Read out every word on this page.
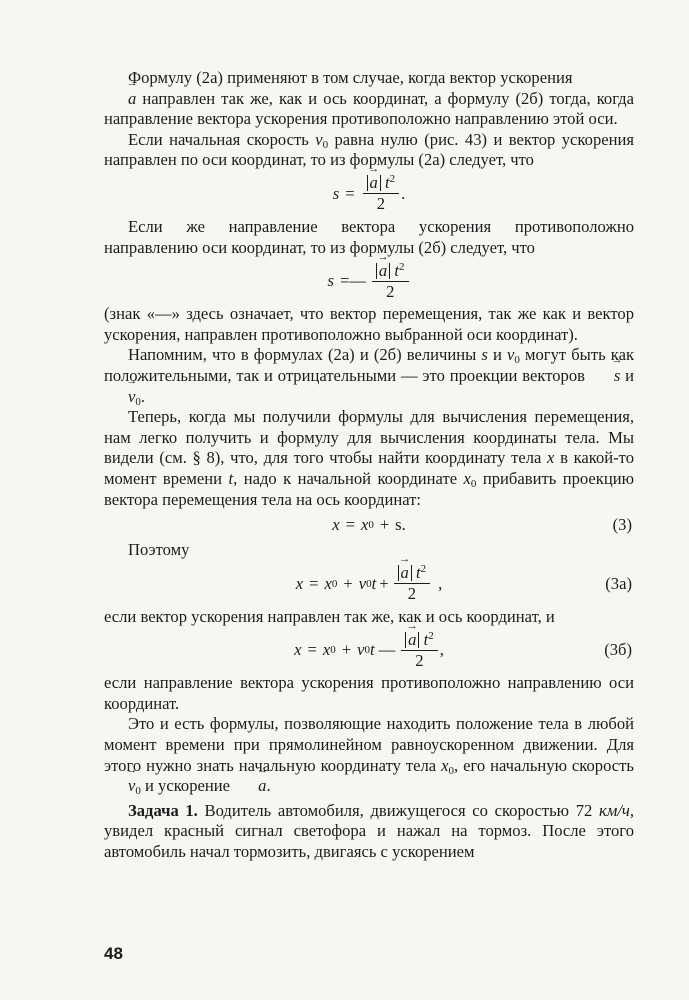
Формулу (2а) применяют в том случае, когда вектор ускорения
→ a направлен так же, как и ось координат, а формулу (2б) тогда, когда направление вектора ускорения противоположно направлению этой оси.

Если начальная скорость $v_0$ равна нулю (рис. 43) и вектор ускорения направлен по оси координат, то из формулы (2а) следует, что

s = → $\frac{a t^2}{2}$ .

Если же направление вектора ускорения противоположно направлению оси координат, то из формулы (2б) следует, что

s = — → $\frac{a t^2}{2}$

(знак «—» здесь означает, что вектор перемещения, так же как и вектор ускорения, направлен противоположно выбранной оси координат).

Напомним, что в формулах (2а) и (2б) величины s и $v_0$ могут быть как положительными, так и отрицательными — это проекции векторов → s $и \to v_0$.

Теперь, когда мы получили формулы для вычисления перемещения, нам легко получить и формулу для вычисления координаты тела. Мы видели (см. § 8), что, для того чтобы найти координату тела x в какой-то момент времени t, надо к начальной координате $x_0$ прибавить проекцию вектора перемещения тела на ось координат:

x = x 0 + s.	(3)

Поэтому

x = x 0 + v 0 t + → $\frac{a t^2}{2}$ ,	(3а)

если вектор ускорения направлен так же, как и ось координат, и

x = x 0 + v 0 t — → $\frac{a t^2}{2}$ ,	(3б)

если направление вектора ускорения противоположно направлению оси координат.

Это и есть формулы, позволяющие находить положение тела в любой момент времени при прямолинейном равноускоренном движении. Для этого нужно знать начальную координату тела $x_0$, его начальную скорость → $v_0$ и ускорение → a.

Задача 1. Водитель автомобиля, движущегося со скоростью 72 км/ч, увидел красный сигнал светофора и нажал на тормоз. После этого автомобиль начал тормозить, двигаясь с ускорением

48
